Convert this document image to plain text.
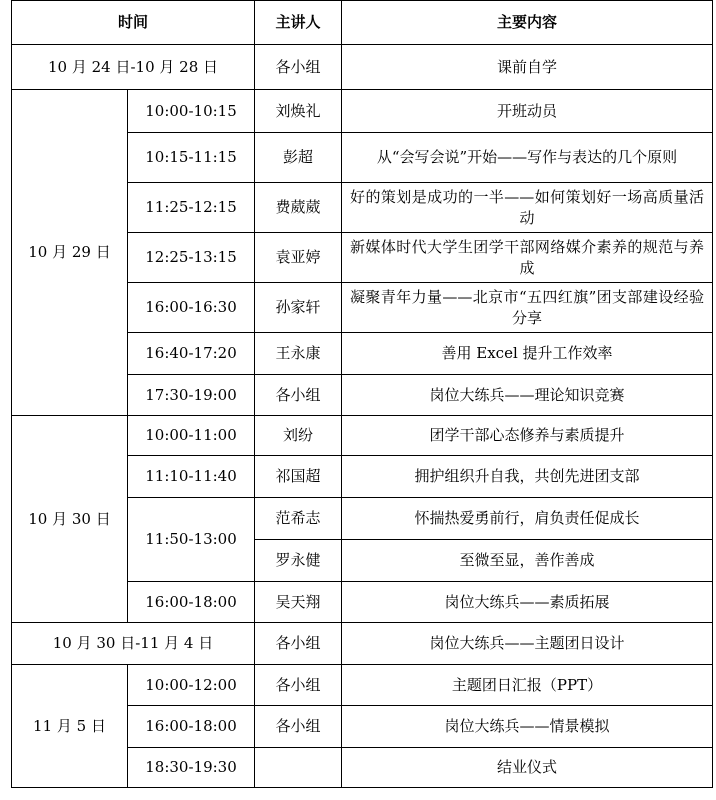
时间		主讲人	主要内容
10 月 24 日-10 月 28 日		各小组	课前自学
10 月 29 日	10:00-10:15	刘焕礼	开班动员
	10:15-11:15	彭超	从“会写会说”开始——写作与表达的几个原则
	11:25-12:15	费葳葳	好的策划是成功的一半——如何策划好一场高质量活动
	12:25-13:15	袁亚婷	新媒体时代大学生团学干部网络媒介素养的规范与养成
	16:00-16:30	孙家轩	凝聚青年力量——北京市“五四红旗”团支部建设经验分享
	16:40-17:20	王永康	善用 Excel 提升工作效率
	17:30-19:00	各小组	岗位大练兵——理论知识竞赛
10 月 30 日	10:00-11:00	刘纷	团学干部心态修养与素质提升
	11:10-11:40	祁国超	拥护组织升自我，共创先进团支部
	11:50-13:00	范希志	怀揣热爱勇前行，肩负责任促成长
		罗永健	至微至显，善作善成
	16:00-18:00	吴天翔	岗位大练兵——素质拓展
10 月 30 日-11 月 4 日		各小组	岗位大练兵——主题团日设计
11 月 5 日	10:00-12:00	各小组	主题团日汇报（PPT）
	16:00-18:00	各小组	岗位大练兵——情景模拟
	18:30-19:30		结业仪式
